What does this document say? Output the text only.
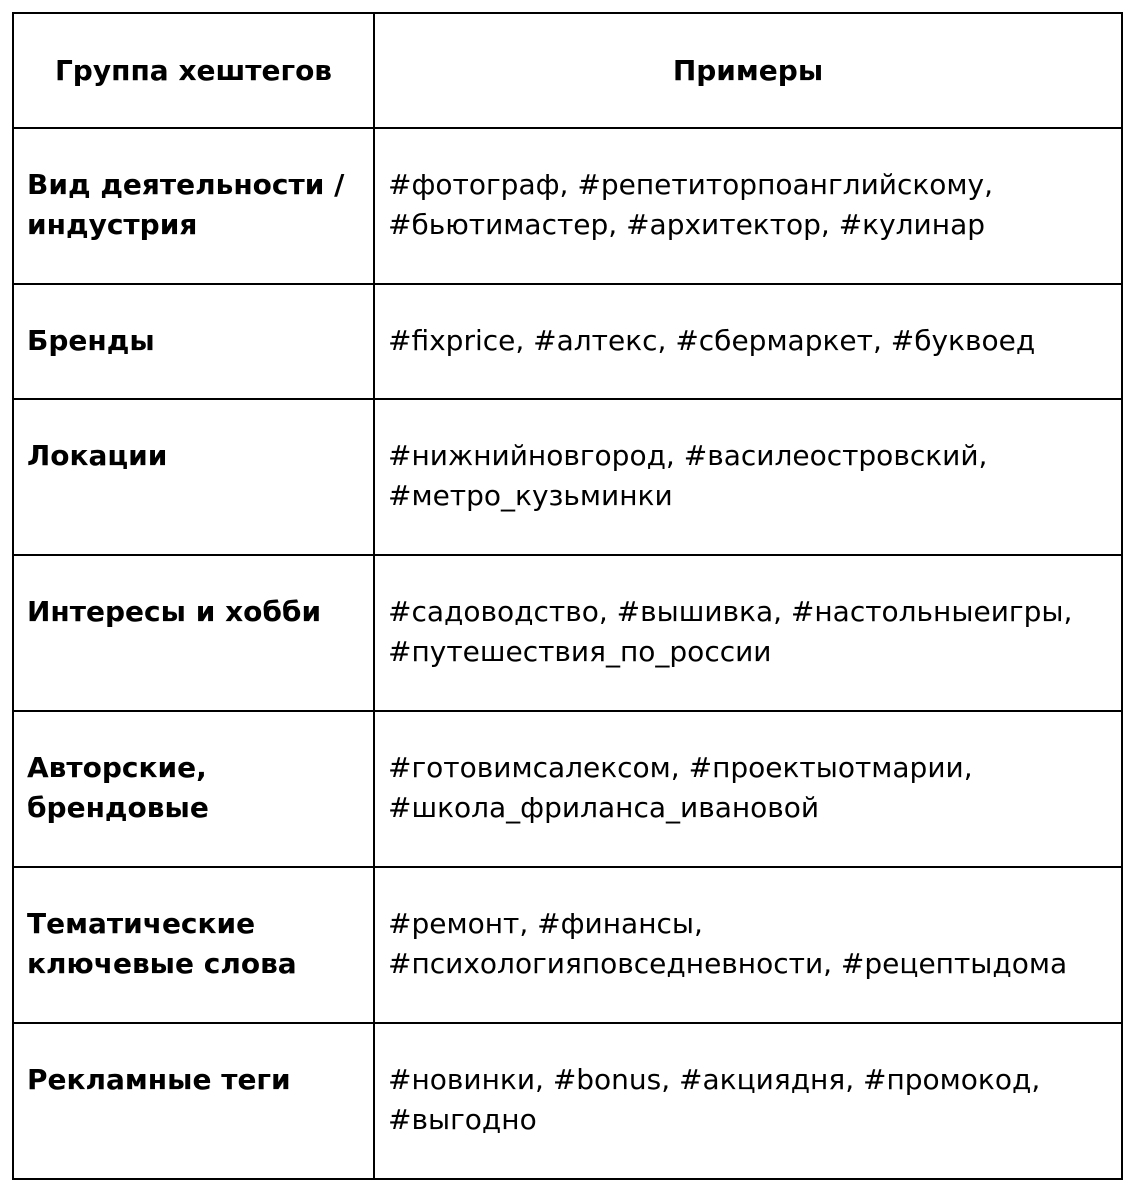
Группа хештегов	Примеры
Вид деятельности / индустрия	#фотограф, #репетиторпоанглийскому, #бьютимастер, #архитектор, #кулинар
Бренды	#fixprice, #алтекс, #сбермаркет, #буквоед
Локации	#нижнийновгород, #василеостровский, #метро_кузьминки
Интересы и хобби	#садоводство, #вышивка, #настольныеигры, #путешествия_по_россии
Авторские, брендовые	#готовимсалексом, #проектыотмарии, #школа_фриланса_ивановой
Тематические ключевые слова	#ремонт, #финансы, #психологияповседневности, #рецептыдома
Рекламные теги	#новинки, #bonus, #акциядня, #промокод, #выгодно
